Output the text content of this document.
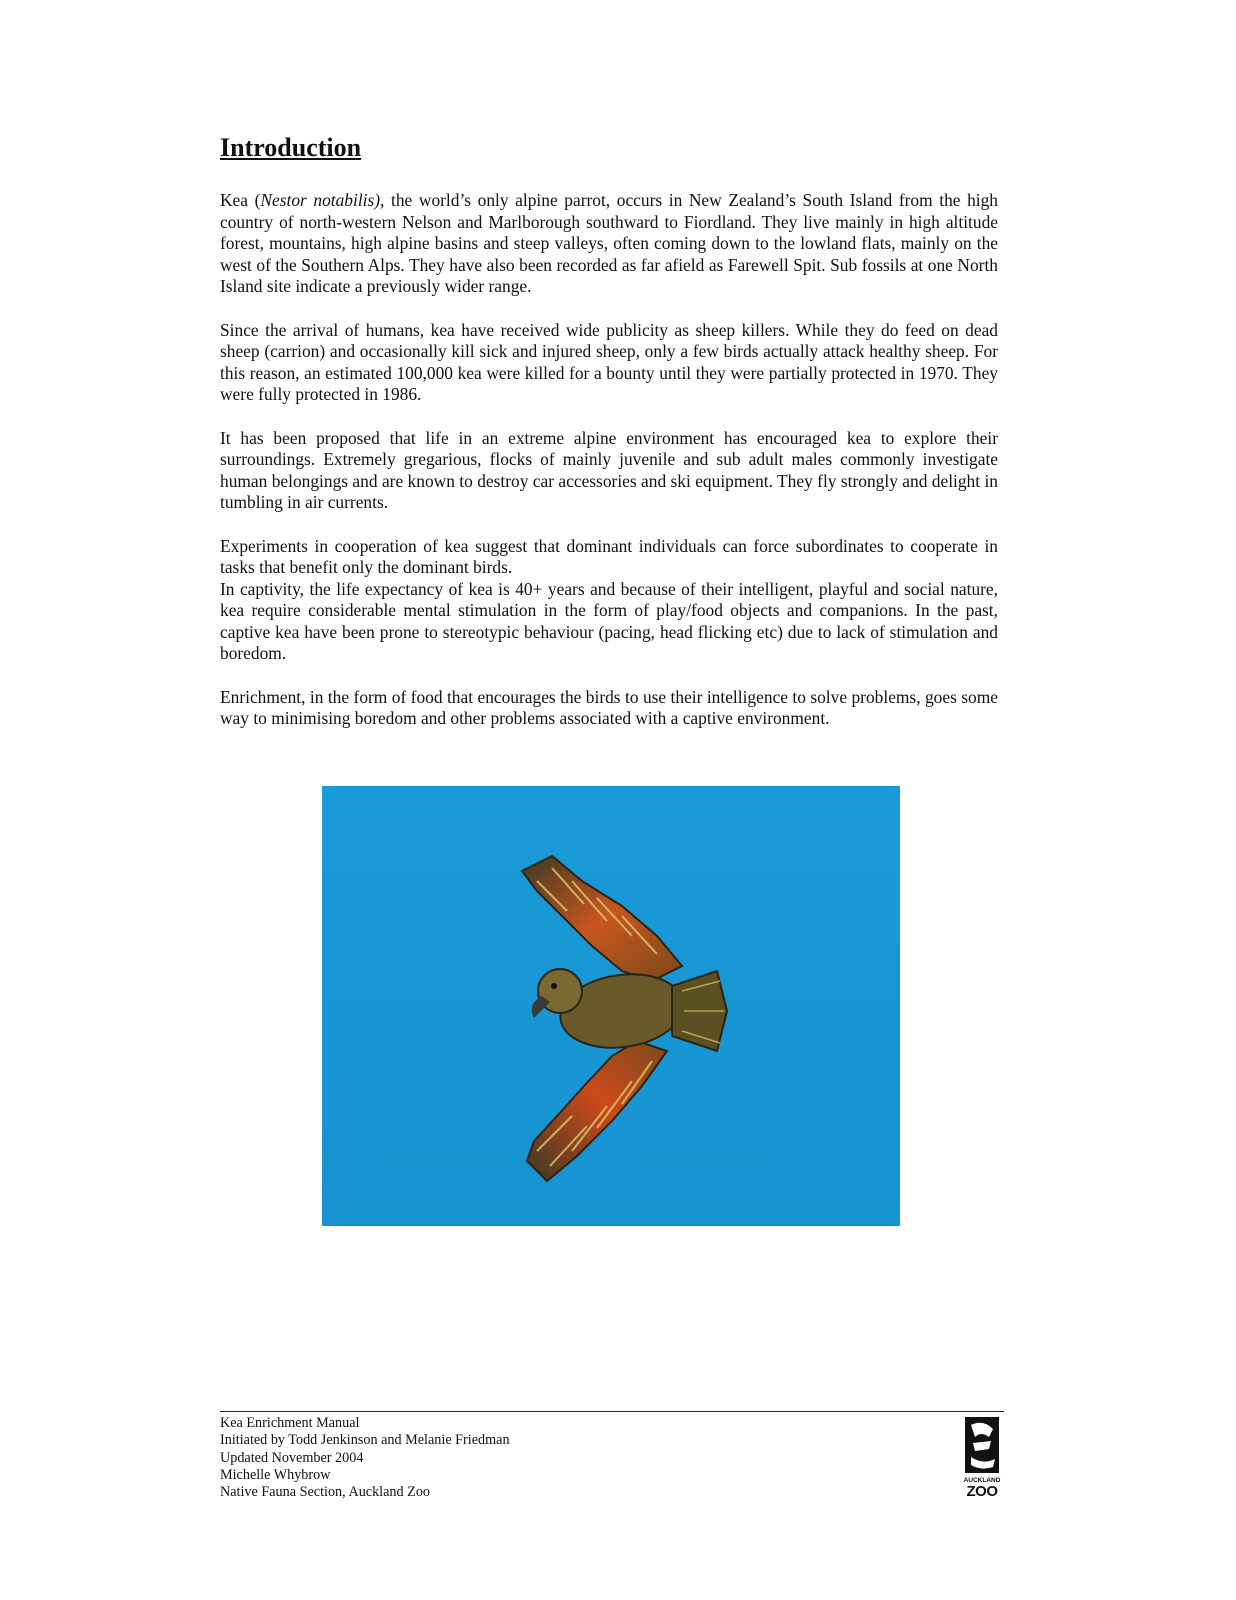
Introduction

Kea (Nestor notabilis), the world’s only alpine parrot, occurs in New Zealand’s South Island from the high country of north-western Nelson and Marlborough southward to Fiordland. They live mainly in high altitude forest, mountains, high alpine basins and steep valleys, often coming down to the lowland flats, mainly on the west of the Southern Alps. They have also been recorded as far afield as Farewell Spit. Sub fossils at one North Island site indicate a previously wider range.

Since the arrival of humans, kea have received wide publicity as sheep killers. While they do feed on dead sheep (carrion) and occasionally kill sick and injured sheep, only a few birds actually attack healthy sheep. For this reason, an estimated 100,000 kea were killed for a bounty until they were partially protected in 1970. They were fully protected in 1986.

It has been proposed that life in an extreme alpine environment has encouraged kea to explore their surroundings. Extremely gregarious, flocks of mainly juvenile and sub adult males commonly investigate human belongings and are known to destroy car accessories and ski equipment. They fly strongly and delight in tumbling in air currents.

Experiments in cooperation of kea suggest that dominant individuals can force subordinates to cooperate in tasks that benefit only the dominant birds.

In captivity, the life expectancy of kea is 40+ years and because of their intelligent, playful and social nature, kea require considerable mental stimulation in the form of play/food objects and companions. In the past, captive kea have been prone to stereotypic behaviour (pacing, head flicking etc) due to lack of stimulation and boredom.

Enrichment, in the form of food that encourages the birds to use their intelligence to solve problems, goes some way to minimising boredom and other problems associated with a captive environment.

Kea Enrichment Manual
Initiated by Todd Jenkinson and Melanie Friedman
Updated November 2004
Michelle Whybrow
Native Fauna Section, Auckland Zoo
AUCKLAND
ZOO
